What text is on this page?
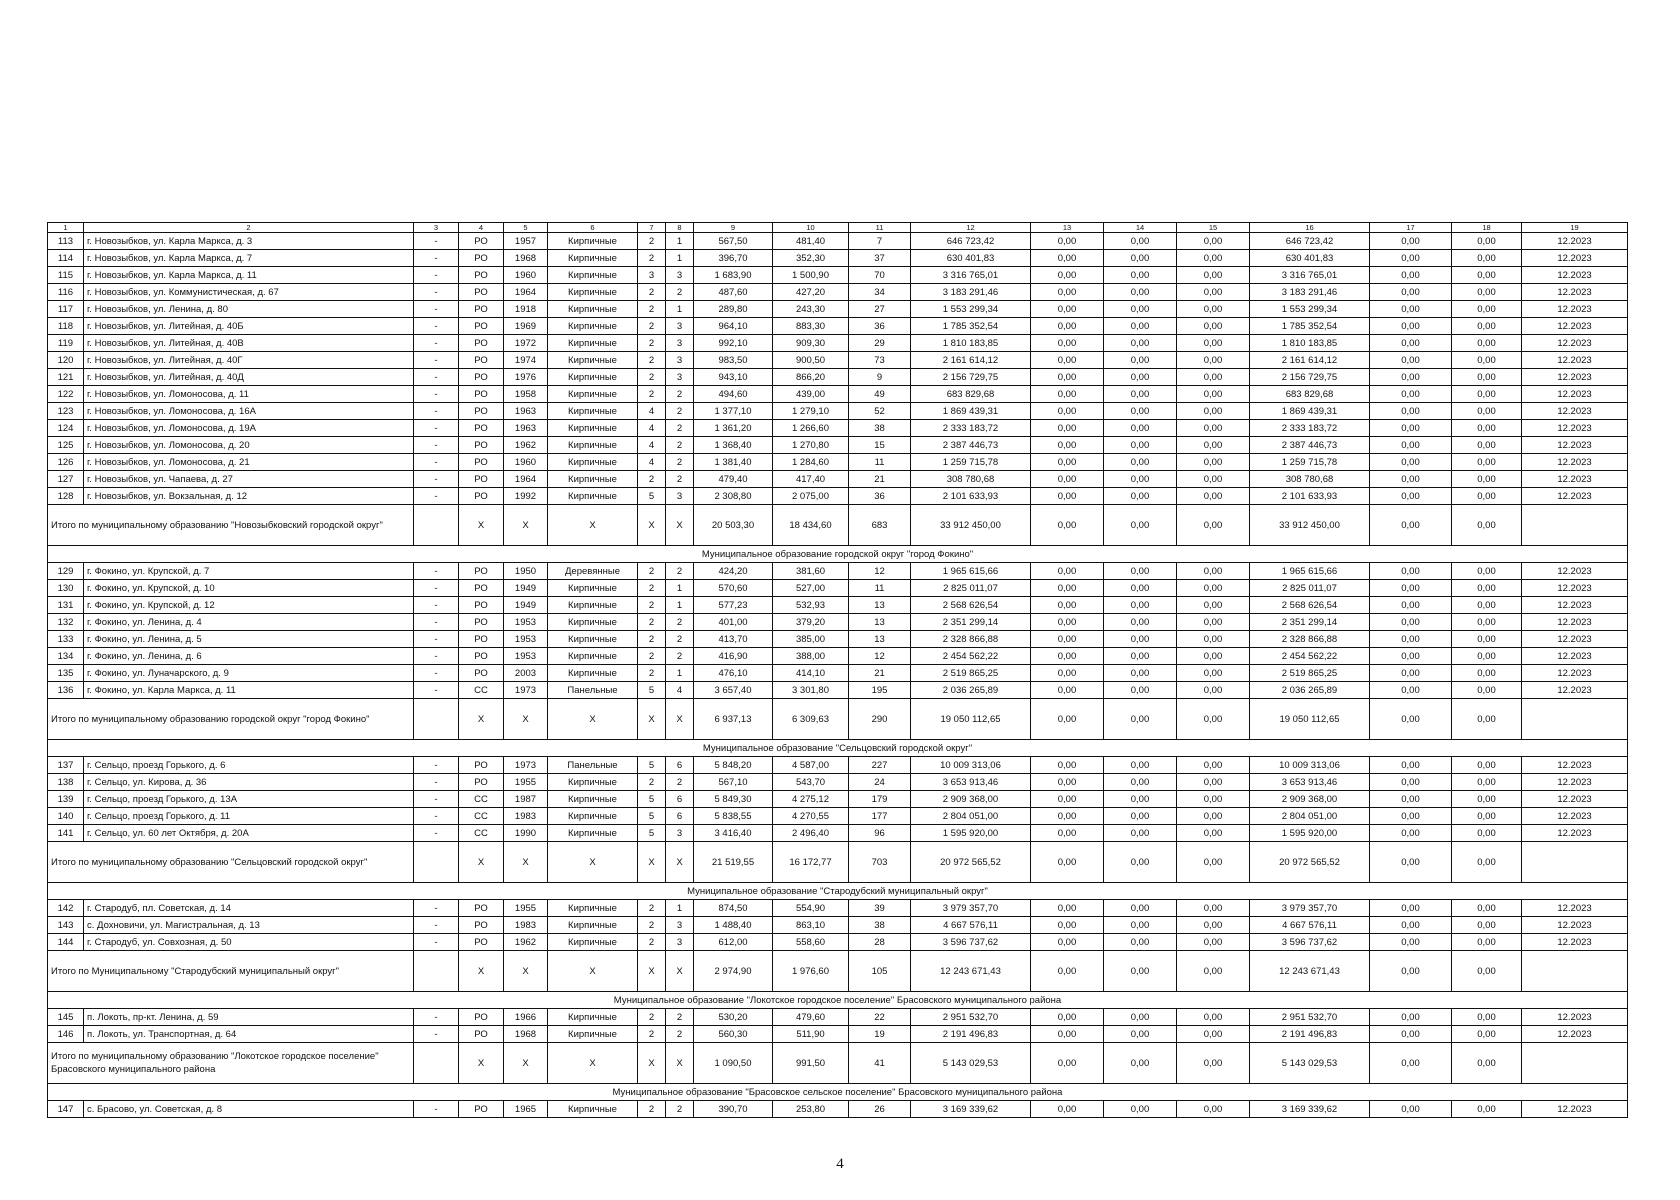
1	2	3	4	5	6	7	8	9	10	11	12	13	14	15	16	17	18	19
113	г. Новозыбков, ул. Карла Маркса, д. 3	-	РО	1957	Кирпичные	2	1	567,50	481,40	7	646 723,42	0,00	0,00	0,00	646 723,42	0,00	0,00	12.2023
114	г. Новозыбков, ул. Карла Маркса, д. 7	-	РО	1968	Кирпичные	2	1	396,70	352,30	37	630 401,83	0,00	0,00	0,00	630 401,83	0,00	0,00	12.2023
115	г. Новозыбков, ул. Карла Маркса, д. 11	-	РО	1960	Кирпичные	3	3	1 683,90	1 500,90	70	3 316 765,01	0,00	0,00	0,00	3 316 765,01	0,00	0,00	12.2023
116	г. Новозыбков, ул. Коммунистическая, д. 67	-	РО	1964	Кирпичные	2	2	487,60	427,20	34	3 183 291,46	0,00	0,00	0,00	3 183 291,46	0,00	0,00	12.2023
117	г. Новозыбков, ул. Ленина, д. 80	-	РО	1918	Кирпичные	2	1	289,80	243,30	27	1 553 299,34	0,00	0,00	0,00	1 553 299,34	0,00	0,00	12.2023
118	г. Новозыбков, ул. Литейная, д. 40Б	-	РО	1969	Кирпичные	2	3	964,10	883,30	36	1 785 352,54	0,00	0,00	0,00	1 785 352,54	0,00	0,00	12.2023
119	г. Новозыбков, ул. Литейная, д. 40В	-	РО	1972	Кирпичные	2	3	992,10	909,30	29	1 810 183,85	0,00	0,00	0,00	1 810 183,85	0,00	0,00	12.2023
120	г. Новозыбков, ул. Литейная, д. 40Г	-	РО	1974	Кирпичные	2	3	983,50	900,50	73	2 161 614,12	0,00	0,00	0,00	2 161 614,12	0,00	0,00	12.2023
121	г. Новозыбков, ул. Литейная, д. 40Д	-	РО	1976	Кирпичные	2	3	943,10	866,20	9	2 156 729,75	0,00	0,00	0,00	2 156 729,75	0,00	0,00	12.2023
122	г. Новозыбков, ул. Ломоносова, д. 11	-	РО	1958	Кирпичные	2	2	494,60	439,00	49	683 829,68	0,00	0,00	0,00	683 829,68	0,00	0,00	12.2023
123	г. Новозыбков, ул. Ломоносова, д. 16А	-	РО	1963	Кирпичные	4	2	1 377,10	1 279,10	52	1 869 439,31	0,00	0,00	0,00	1 869 439,31	0,00	0,00	12.2023
124	г. Новозыбков, ул. Ломоносова, д. 19А	-	РО	1963	Кирпичные	4	2	1 361,20	1 266,60	38	2 333 183,72	0,00	0,00	0,00	2 333 183,72	0,00	0,00	12.2023
125	г. Новозыбков, ул. Ломоносова, д. 20	-	РО	1962	Кирпичные	4	2	1 368,40	1 270,80	15	2 387 446,73	0,00	0,00	0,00	2 387 446,73	0,00	0,00	12.2023
126	г. Новозыбков, ул. Ломоносова, д. 21	-	РО	1960	Кирпичные	4	2	1 381,40	1 284,60	11	1 259 715,78	0,00	0,00	0,00	1 259 715,78	0,00	0,00	12.2023
127	г. Новозыбков, ул. Чапаева, д. 27	-	РО	1964	Кирпичные	2	2	479,40	417,40	21	308 780,68	0,00	0,00	0,00	308 780,68	0,00	0,00	12.2023
128	г. Новозыбков, ул. Вокзальная, д. 12	-	РО	1992	Кирпичные	5	3	2 308,80	2 075,00	36	2 101 633,93	0,00	0,00	0,00	2 101 633,93	0,00	0,00	12.2023
Итого по муниципальному образованию "Новозыбковский городской округ"			X	X	X	X	X	20 503,30	18 434,60	683	33 912 450,00	0,00	0,00	0,00	33 912 450,00	0,00	0,00	
Муниципальное образование городской округ "город Фокино"																		
129	г. Фокино, ул. Крупской, д. 7	-	РО	1950	Деревянные	2	2	424,20	381,60	12	1 965 615,66	0,00	0,00	0,00	1 965 615,66	0,00	0,00	12.2023
130	г. Фокино, ул. Крупской, д. 10	-	РО	1949	Кирпичные	2	1	570,60	527,00	11	2 825 011,07	0,00	0,00	0,00	2 825 011,07	0,00	0,00	12.2023
131	г. Фокино, ул. Крупской, д. 12	-	РО	1949	Кирпичные	2	1	577,23	532,93	13	2 568 626,54	0,00	0,00	0,00	2 568 626,54	0,00	0,00	12.2023
132	г. Фокино, ул. Ленина, д. 4	-	РО	1953	Кирпичные	2	2	401,00	379,20	13	2 351 299,14	0,00	0,00	0,00	2 351 299,14	0,00	0,00	12.2023
133	г. Фокино, ул. Ленина, д. 5	-	РО	1953	Кирпичные	2	2	413,70	385,00	13	2 328 866,88	0,00	0,00	0,00	2 328 866,88	0,00	0,00	12.2023
134	г. Фокино, ул. Ленина, д. 6	-	РО	1953	Кирпичные	2	2	416,90	388,00	12	2 454 562,22	0,00	0,00	0,00	2 454 562,22	0,00	0,00	12.2023
135	г. Фокино, ул. Луначарского, д. 9	-	РО	2003	Кирпичные	2	1	476,10	414,10	21	2 519 865,25	0,00	0,00	0,00	2 519 865,25	0,00	0,00	12.2023
136	г. Фокино, ул. Карла Маркса, д. 11	-	СС	1973	Панельные	5	4	3 657,40	3 301,80	195	2 036 265,89	0,00	0,00	0,00	2 036 265,89	0,00	0,00	12.2023
Итого по муниципальному образованию городской округ "город Фокино"			X	X	X	X	X	6 937,13	6 309,63	290	19 050 112,65	0,00	0,00	0,00	19 050 112,65	0,00	0,00	
Муниципальное образование "Сельцовский городской округ"																		
137	г. Сельцо, проезд Горького, д. 6	-	РО	1973	Панельные	5	6	5 848,20	4 587,00	227	10 009 313,06	0,00	0,00	0,00	10 009 313,06	0,00	0,00	12.2023
138	г. Сельцо, ул. Кирова, д. 36	-	РО	1955	Кирпичные	2	2	567,10	543,70	24	3 653 913,46	0,00	0,00	0,00	3 653 913,46	0,00	0,00	12.2023
139	г. Сельцо, проезд Горького, д. 13А	-	СС	1987	Кирпичные	5	6	5 849,30	4 275,12	179	2 909 368,00	0,00	0,00	0,00	2 909 368,00	0,00	0,00	12.2023
140	г. Сельцо, проезд Горького, д. 11	-	СС	1983	Кирпичные	5	6	5 838,55	4 270,55	177	2 804 051,00	0,00	0,00	0,00	2 804 051,00	0,00	0,00	12.2023
141	г. Сельцо, ул. 60 лет Октября, д. 20А	-	СС	1990	Кирпичные	5	3	3 416,40	2 496,40	96	1 595 920,00	0,00	0,00	0,00	1 595 920,00	0,00	0,00	12.2023
Итого по муниципальному образованию "Сельцовский городской округ"			X	X	X	X	X	21 519,55	16 172,77	703	20 972 565,52	0,00	0,00	0,00	20 972 565,52	0,00	0,00	
Муниципальное образование "Стародубский муниципальный округ"																		
142	г. Стародуб, пл. Советская, д. 14	-	РО	1955	Кирпичные	2	1	874,50	554,90	39	3 979 357,70	0,00	0,00	0,00	3 979 357,70	0,00	0,00	12.2023
143	с. Дохновичи, ул. Магистральная, д. 13	-	РО	1983	Кирпичные	2	3	1 488,40	863,10	38	4 667 576,11	0,00	0,00	0,00	4 667 576,11	0,00	0,00	12.2023
144	г. Стародуб, ул. Совхозная, д. 50	-	РО	1962	Кирпичные	2	3	612,00	558,60	28	3 596 737,62	0,00	0,00	0,00	3 596 737,62	0,00	0,00	12.2023
Итого по Муниципальному "Стародубский муниципальный округ"			X	X	X	X	X	2 974,90	1 976,60	105	12 243 671,43	0,00	0,00	0,00	12 243 671,43	0,00	0,00	
Муниципальное образование "Локотское городское поселение" Брасовского муниципального района																		
145	п. Локоть, пр-кт. Ленина, д. 59	-	РО	1966	Кирпичные	2	2	530,20	479,60	22	2 951 532,70	0,00	0,00	0,00	2 951 532,70	0,00	0,00	12.2023
146	п. Локоть, ул. Транспортная, д. 64	-	РО	1968	Кирпичные	2	2	560,30	511,90	19	2 191 496,83	0,00	0,00	0,00	2 191 496,83	0,00	0,00	12.2023
Итого по муниципальному образованию "Локотское городское поселение" Брасовского муниципального района			X	X	X	X	X	1 090,50	991,50	41	5 143 029,53	0,00	0,00	0,00	5 143 029,53	0,00	0,00	
Муниципальное образование "Брасовское сельское поселение" Брасовского муниципального района																		
147	с. Брасово, ул. Советская, д. 8	-	РО	1965	Кирпичные	2	2	390,70	253,80	26	3 169 339,62	0,00	0,00	0,00	3 169 339,62	0,00	0,00	12.2023
4
